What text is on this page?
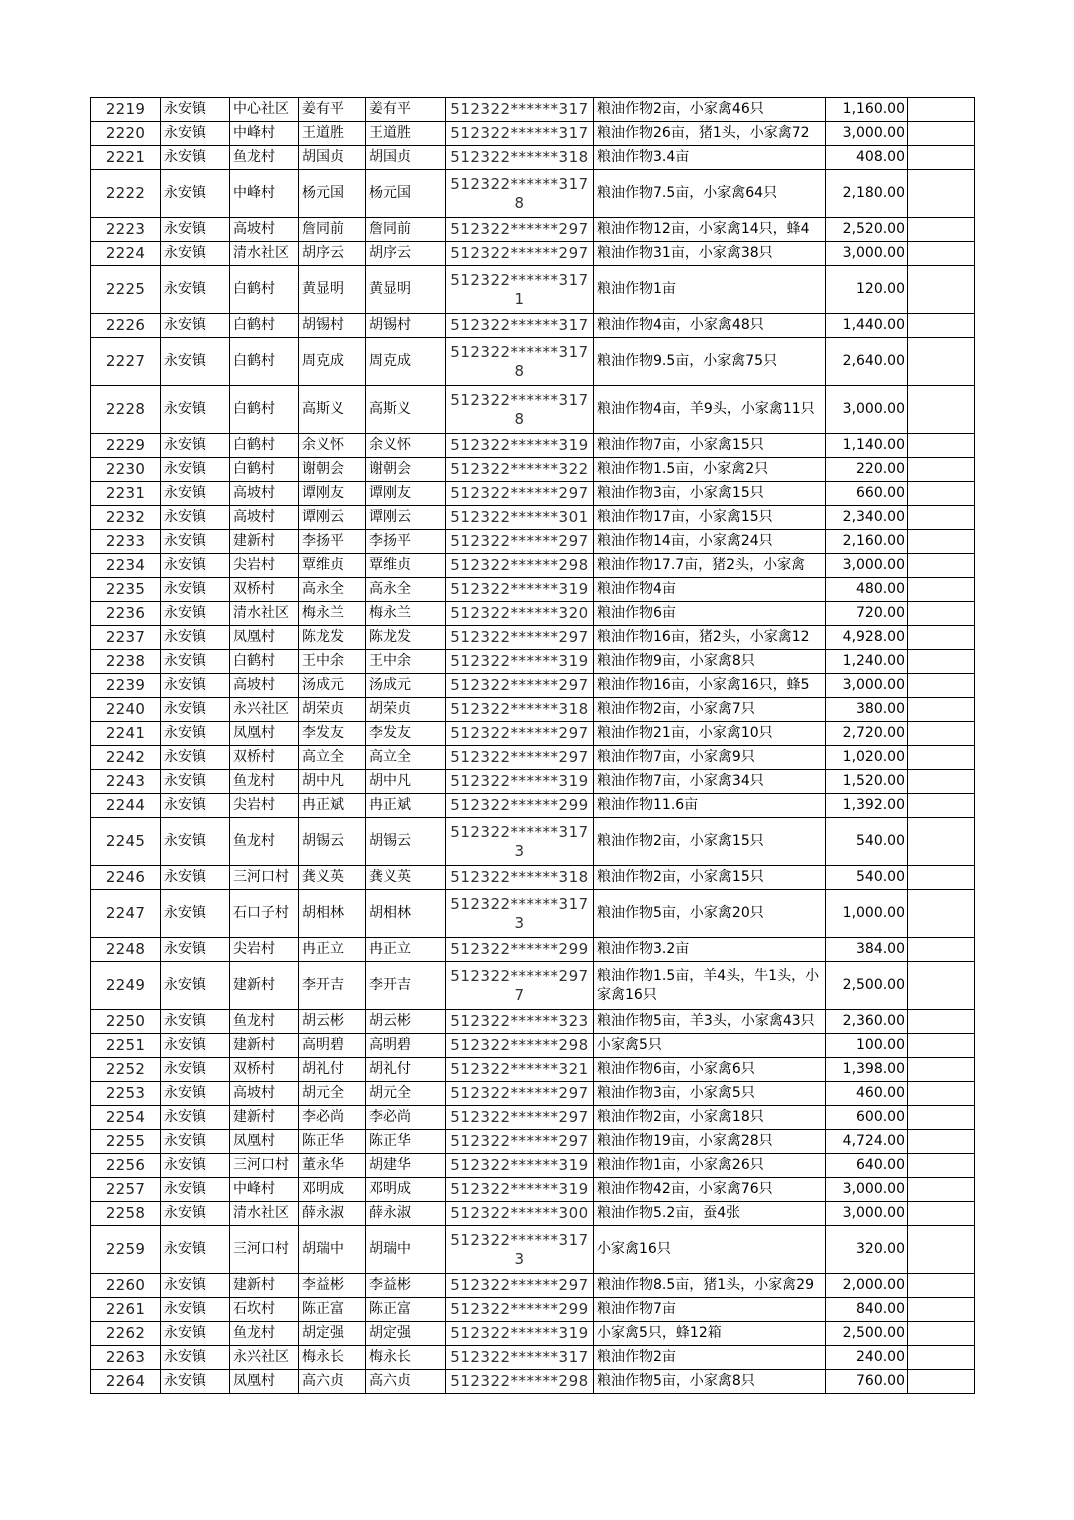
2219	永安镇	中心社区	姜有平	姜有平	512322******317	粮油作物2亩，小家禽46只	1,160.00	
2220	永安镇	中峰村	王道胜	王道胜	512322******317	粮油作物26亩，猪1头，小家禽72	3,000.00	
2221	永安镇	鱼龙村	胡国贞	胡国贞	512322******318	粮油作物3.4亩	408.00	
2222	永安镇	中峰村	杨元国	杨元国	512322******3178	粮油作物7.5亩，小家禽64只	2,180.00	
2223	永安镇	高坡村	詹同前	詹同前	512322******297	粮油作物12亩，小家禽14只，蜂4	2,520.00	
2224	永安镇	清水社区	胡序云	胡序云	512322******297	粮油作物31亩，小家禽38只	3,000.00	
2225	永安镇	白鹤村	黄显明	黄显明	512322******3171	粮油作物1亩	120.00	
2226	永安镇	白鹤村	胡锡村	胡锡村	512322******317	粮油作物4亩，小家禽48只	1,440.00	
2227	永安镇	白鹤村	周克成	周克成	512322******3178	粮油作物9.5亩，小家禽75只	2,640.00	
2228	永安镇	白鹤村	高斯义	高斯义	512322******3178	粮油作物4亩，羊9头，小家禽11只	3,000.00	
2229	永安镇	白鹤村	余义怀	余义怀	512322******319	粮油作物7亩，小家禽15只	1,140.00	
2230	永安镇	白鹤村	谢朝会	谢朝会	512322******322	粮油作物1.5亩，小家禽2只	220.00	
2231	永安镇	高坡村	谭刚友	谭刚友	512322******297	粮油作物3亩，小家禽15只	660.00	
2232	永安镇	高坡村	谭刚云	谭刚云	512322******301	粮油作物17亩，小家禽15只	2,340.00	
2233	永安镇	建新村	李扬平	李扬平	512322******297	粮油作物14亩，小家禽24只	2,160.00	
2234	永安镇	尖岩村	覃维贞	覃维贞	512322******298	粮油作物17.7亩，猪2头，小家禽	3,000.00	
2235	永安镇	双桥村	高永全	高永全	512322******319	粮油作物4亩	480.00	
2236	永安镇	清水社区	梅永兰	梅永兰	512322******320	粮油作物6亩	720.00	
2237	永安镇	凤凰村	陈龙发	陈龙发	512322******297	粮油作物16亩，猪2头，小家禽12	4,928.00	
2238	永安镇	白鹤村	王中余	王中余	512322******319	粮油作物9亩，小家禽8只	1,240.00	
2239	永安镇	高坡村	汤成元	汤成元	512322******297	粮油作物16亩，小家禽16只，蜂5	3,000.00	
2240	永安镇	永兴社区	胡荣贞	胡荣贞	512322******318	粮油作物2亩，小家禽7只	380.00	
2241	永安镇	凤凰村	李发友	李发友	512322******297	粮油作物21亩，小家禽10只	2,720.00	
2242	永安镇	双桥村	高立全	高立全	512322******297	粮油作物7亩，小家禽9只	1,020.00	
2243	永安镇	鱼龙村	胡中凡	胡中凡	512322******319	粮油作物7亩，小家禽34只	1,520.00	
2244	永安镇	尖岩村	冉正斌	冉正斌	512322******299	粮油作物11.6亩	1,392.00	
2245	永安镇	鱼龙村	胡锡云	胡锡云	512322******3173	粮油作物2亩，小家禽15只	540.00	
2246	永安镇	三河口村	龚义英	龚义英	512322******318	粮油作物2亩，小家禽15只	540.00	
2247	永安镇	石口子村	胡相林	胡相林	512322******3173	粮油作物5亩，小家禽20只	1,000.00	
2248	永安镇	尖岩村	冉正立	冉正立	512322******299	粮油作物3.2亩	384.00	
2249	永安镇	建新村	李开吉	李开吉	512322******2977	粮油作物1.5亩，羊4头，牛1头，小家禽16只	2,500.00	
2250	永安镇	鱼龙村	胡云彬	胡云彬	512322******323	粮油作物5亩，羊3头，小家禽43只	2,360.00	
2251	永安镇	建新村	高明碧	高明碧	512322******298	小家禽5只	100.00	
2252	永安镇	双桥村	胡礼付	胡礼付	512322******321	粮油作物6亩，小家禽6只	1,398.00	
2253	永安镇	高坡村	胡元全	胡元全	512322******297	粮油作物3亩，小家禽5只	460.00	
2254	永安镇	建新村	李必尚	李必尚	512322******297	粮油作物2亩，小家禽18只	600.00	
2255	永安镇	凤凰村	陈正华	陈正华	512322******297	粮油作物19亩，小家禽28只	4,724.00	
2256	永安镇	三河口村	董永华	胡建华	512322******319	粮油作物1亩，小家禽26只	640.00	
2257	永安镇	中峰村	邓明成	邓明成	512322******319	粮油作物42亩，小家禽76只	3,000.00	
2258	永安镇	清水社区	薛永淑	薛永淑	512322******300	粮油作物5.2亩，蚕4张	3,000.00	
2259	永安镇	三河口村	胡瑞中	胡瑞中	512322******3173	小家禽16只	320.00	
2260	永安镇	建新村	李益彬	李益彬	512322******297	粮油作物8.5亩，猪1头，小家禽29	2,000.00	
2261	永安镇	石坎村	陈正富	陈正富	512322******299	粮油作物7亩	840.00	
2262	永安镇	鱼龙村	胡定强	胡定强	512322******319	小家禽5只，蜂12箱	2,500.00	
2263	永安镇	永兴社区	梅永长	梅永长	512322******317	粮油作物2亩	240.00	
2264	永安镇	凤凰村	高六贞	高六贞	512322******298	粮油作物5亩，小家禽8只	760.00	
